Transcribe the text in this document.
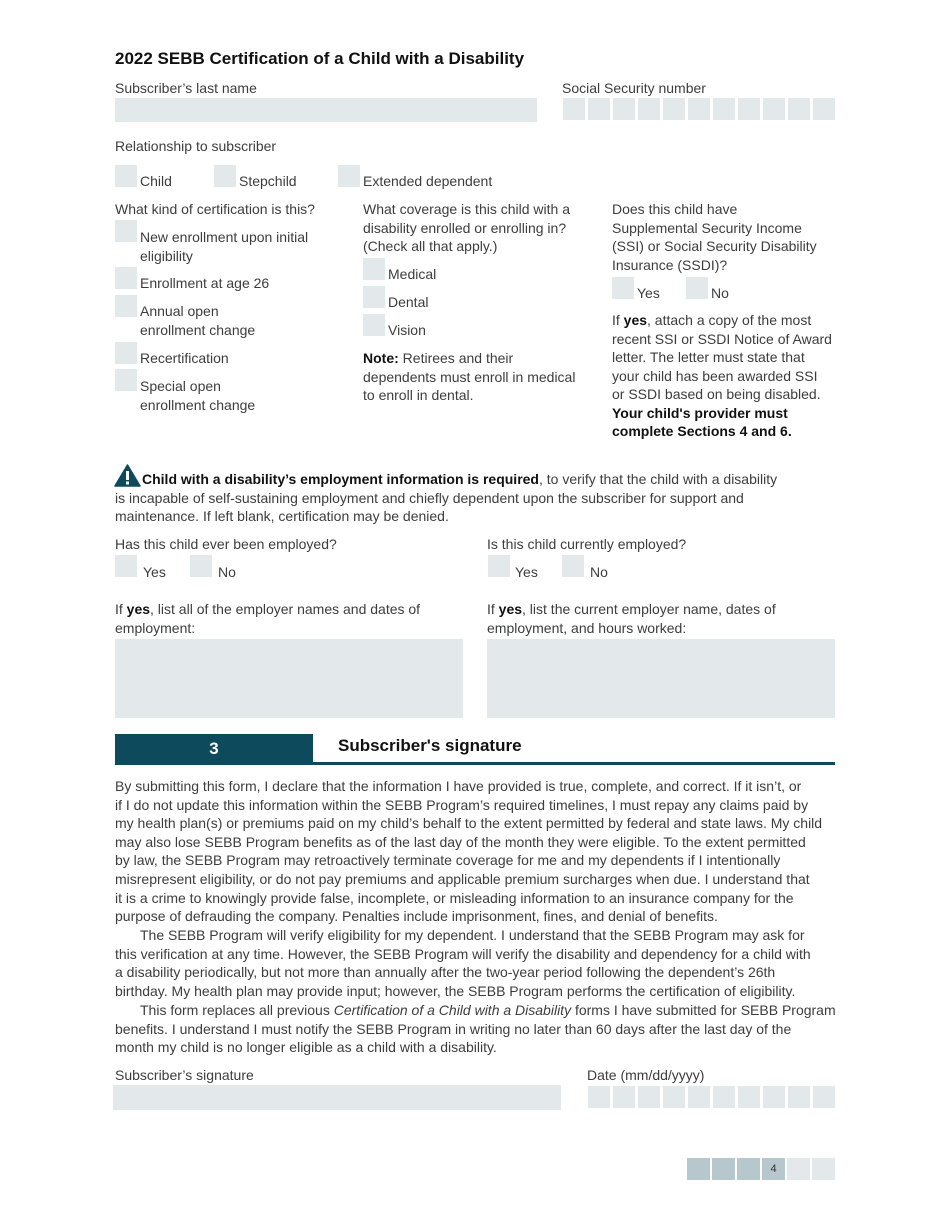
2022 SEBB Certification of a Child with a Disability
Subscriber’s last name	Social Security number
Relationship to subscriber
Child	Stepchild	Extended dependent
What kind of certification is this?
New enrollment upon initial
eligibility
Enrollment at age 26
Annual open
enrollment change
Recertification
Special open
enrollment change
What coverage is this child with a
disability enrolled or enrolling in?
(Check all that apply.)
Medical
Dental
Vision
Note: Retirees and their
dependents must enroll in medical
to enroll in dental.
Does this child have
Supplemental Security Income
(SSI) or Social Security Disability
Insurance (SSDI)?
Yes	No
If yes, attach a copy of the most
recent SSI or SSDI Notice of Award
letter. The letter must state that
your child has been awarded SSI
or SSDI based on being disabled.
Your child's provider must
complete Sections 4 and 6.
Child with a disability’s employment information is required, to verify that the child with a disability
is incapable of self-sustaining employment and chiefly dependent upon the subscriber for support and
maintenance. If left blank, certification may be denied.
Has this child ever been employed?
Yes	No
Is this child currently employed?
Yes	No
If yes, list all of the employer names and dates of
employment:
If yes, list the current employer name, dates of
employment, and hours worked:
3	Subscriber's signature
By submitting this form, I declare that the information I have provided is true, complete, and correct. If it isn’t, or
if I do not update this information within the SEBB Program’s required timelines, I must repay any claims paid by
my health plan(s) or premiums paid on my child’s behalf to the extent permitted by federal and state laws. My child
may also lose SEBB Program benefits as of the last day of the month they were eligible. To the extent permitted
by law, the SEBB Program may retroactively terminate coverage for me and my dependents if I intentionally
misrepresent eligibility, or do not pay premiums and applicable premium surcharges when due. I understand that
it is a crime to knowingly provide false, incomplete, or misleading information to an insurance company for the
purpose of defrauding the company. Penalties include imprisonment, fines, and denial of benefits.
The SEBB Program will verify eligibility for my dependent. I understand that the SEBB Program may ask for
this verification at any time. However, the SEBB Program will verify the disability and dependency for a child with
a disability periodically, but not more than annually after the two-year period following the dependent’s 26th
birthday. My health plan may provide input; however, the SEBB Program performs the certification of eligibility.
This form replaces all previous Certification of a Child with a Disability forms I have submitted for SEBB Program
benefits. I understand I must notify the SEBB Program in writing no later than 60 days after the last day of the
month my child is no longer eligible as a child with a disability.
Subscriber’s signature	Date (mm/dd/yyyy)
4
